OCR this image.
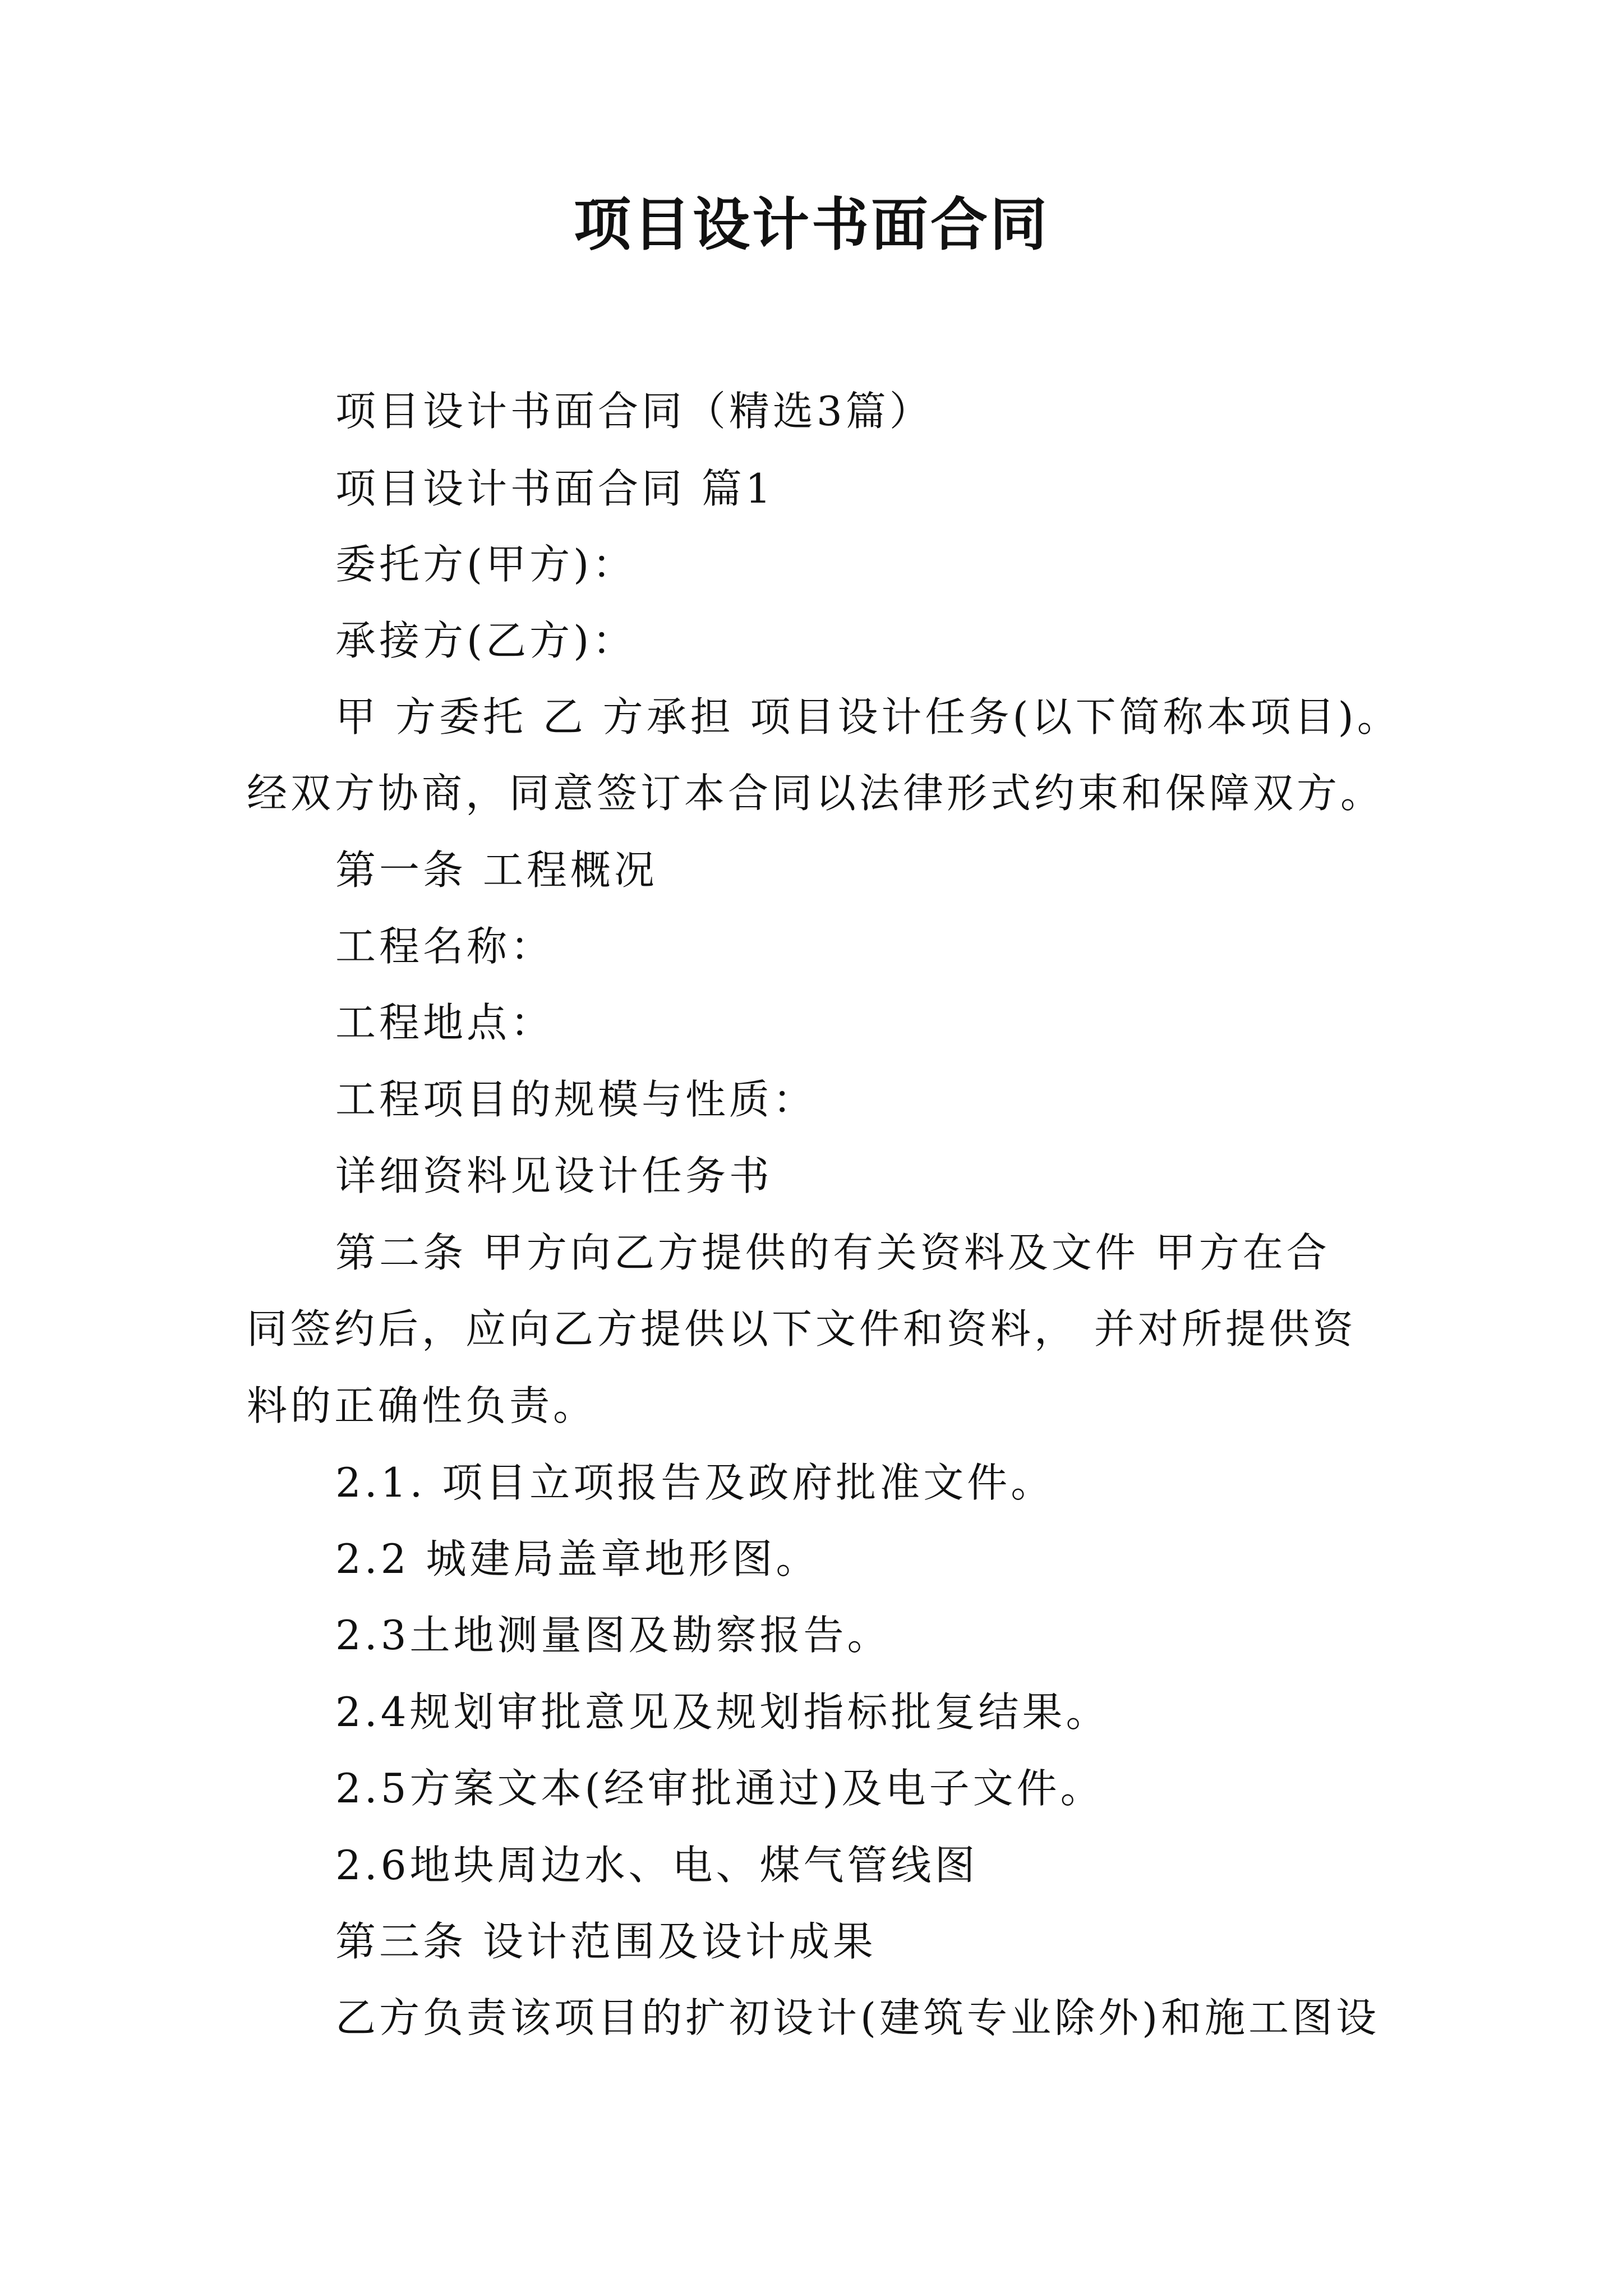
项目设计书面合同

项目设计书面合同（精选3篇）

项目设计书面合同 篇1

委托方(甲方)：

承接方(乙方)：

甲 方委托 乙 方承担 项目设计任务(以下简称本项目)。

经双方协商，同意签订本合同以法律形式约束和保障双方。

第一条 工程概况

工程名称：

工程地点：

工程项目的规模与性质：

详细资料见设计任务书

第二条 甲方向乙方提供的有关资料及文件 甲方在合

同签约后，应向乙方提供以下文件和资料， 并对所提供资

料的正确性负责。

2.1. 项目立项报告及政府批准文件。

2.2 城建局盖章地形图。

2.3土地测量图及勘察报告。

2.4规划审批意见及规划指标批复结果。

2.5方案文本(经审批通过)及电子文件。

2.6地块周边水、电、煤气管线图

第三条 设计范围及设计成果

乙方负责该项目的扩初设计(建筑专业除外)和施工图设
